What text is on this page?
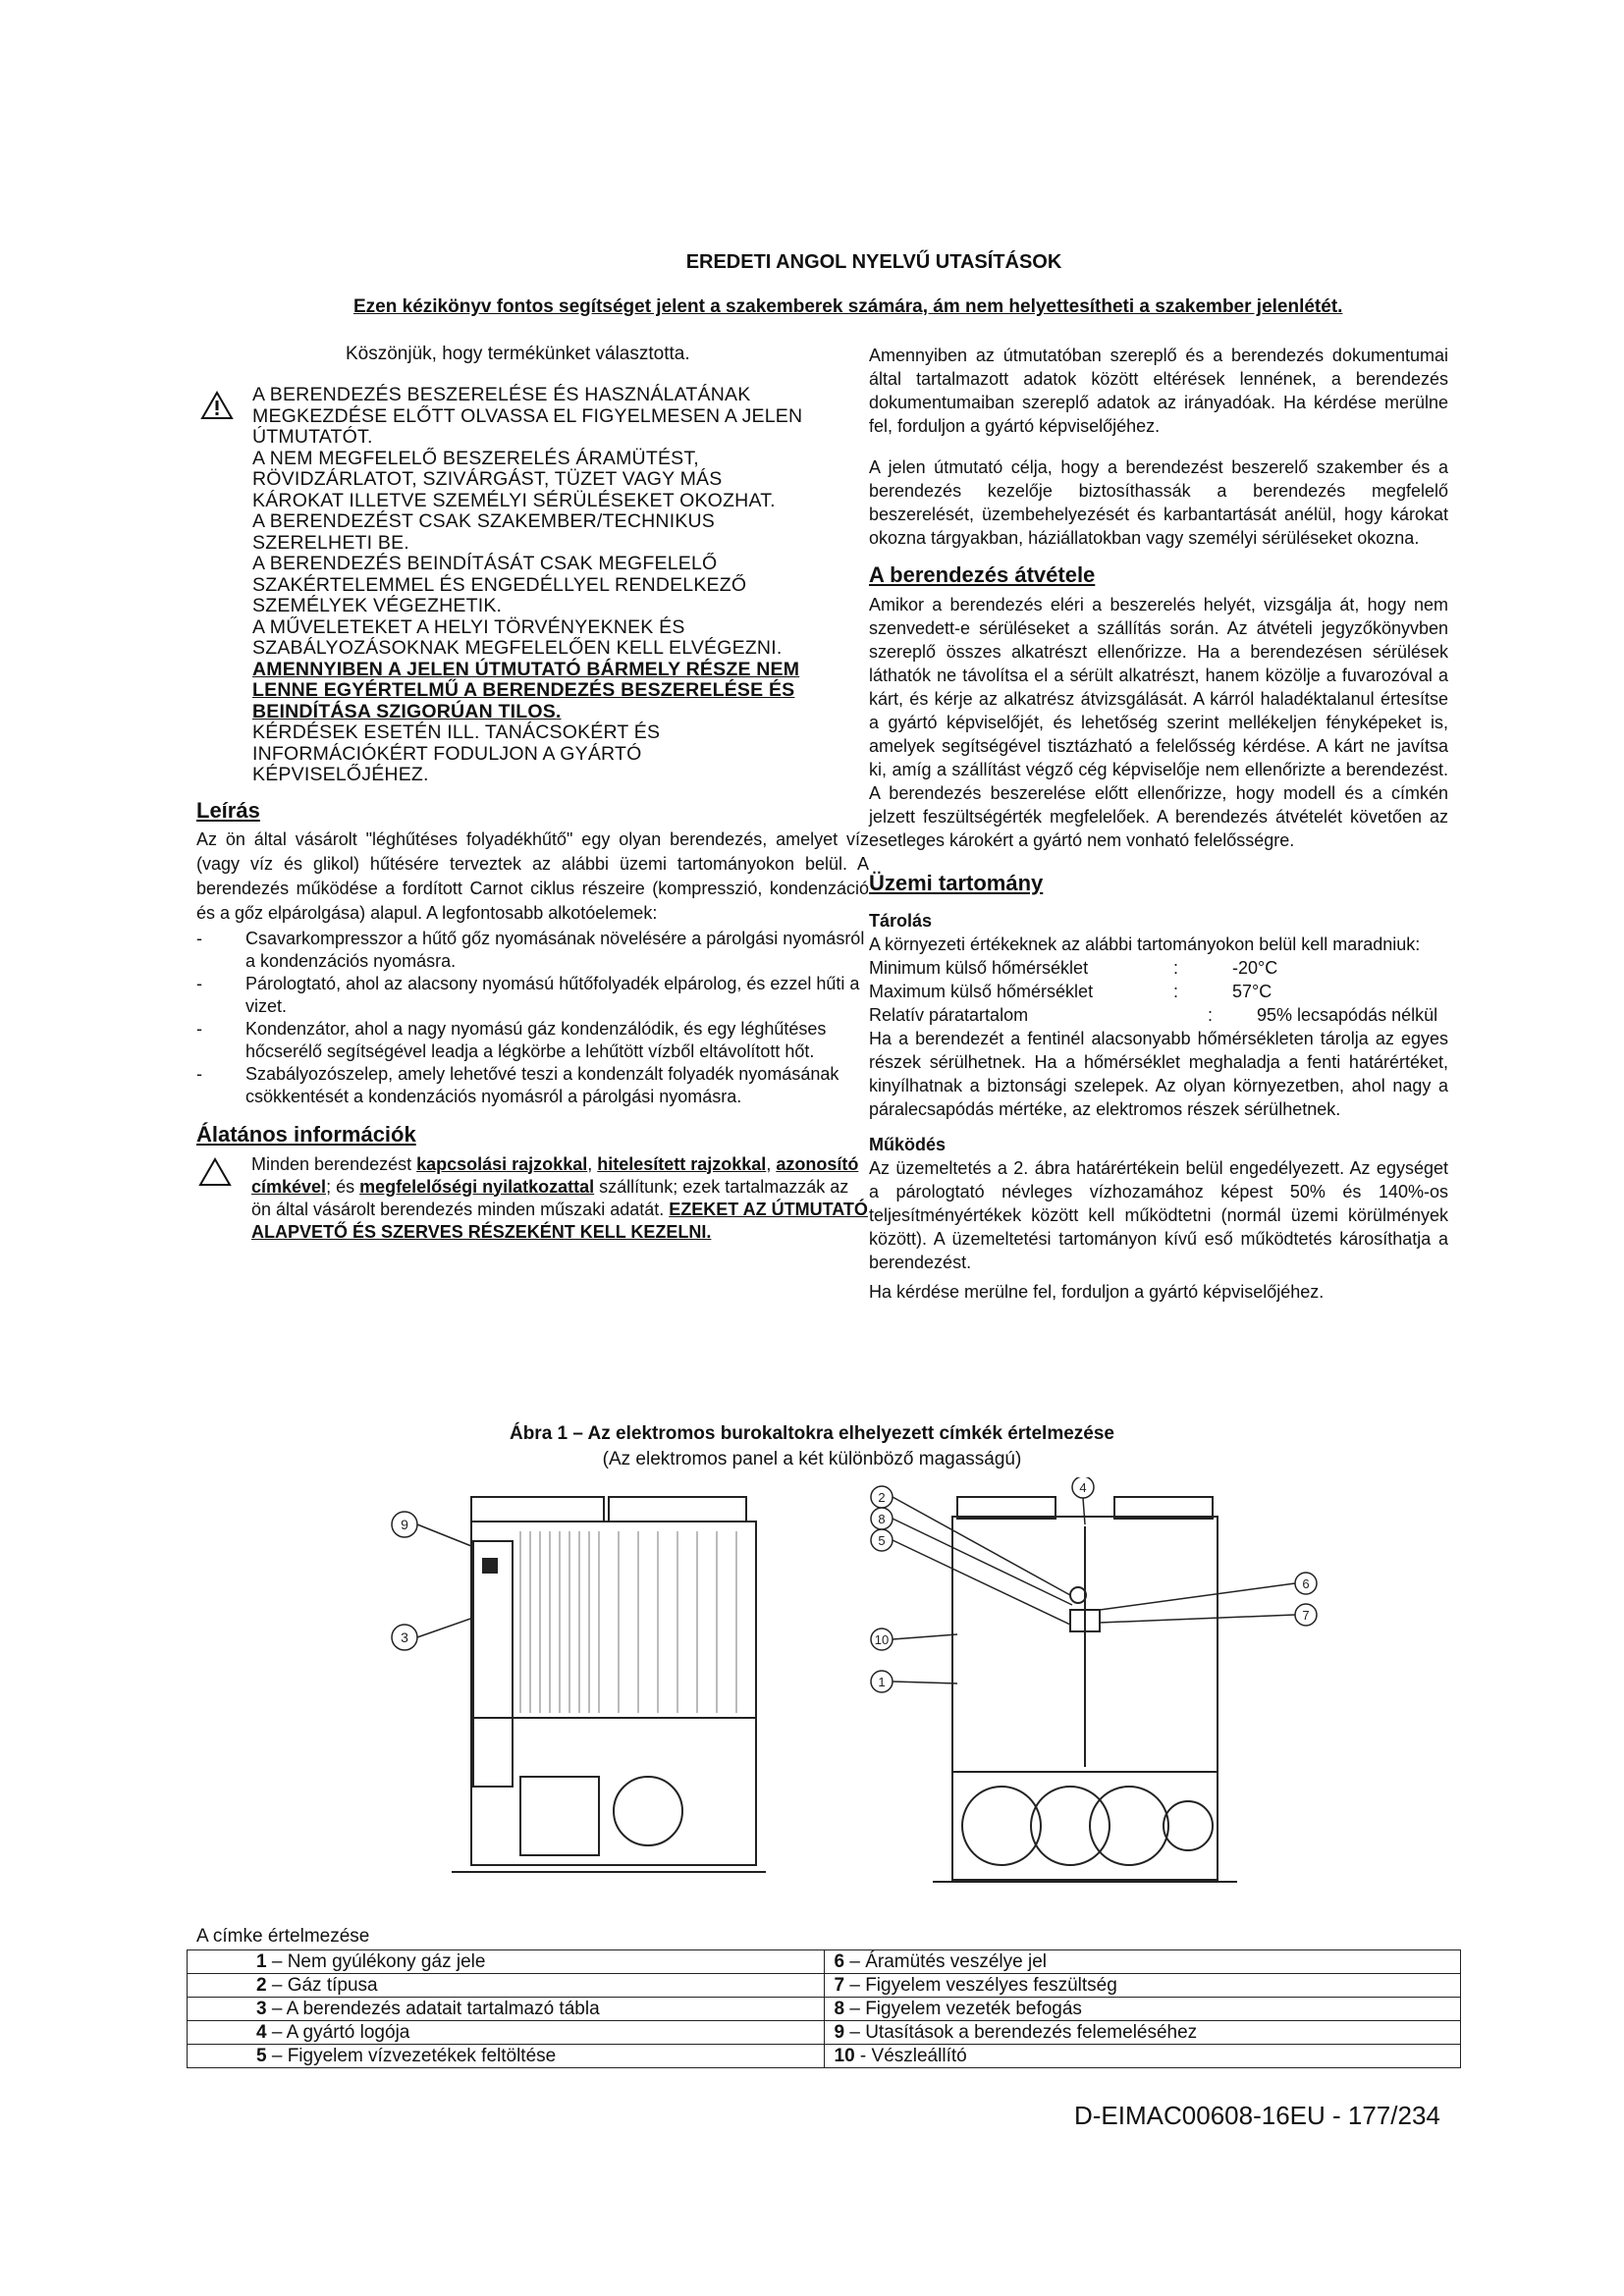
EREDETI ANGOL NYELVŰ UTASÍTÁSOK
Ezen kézikönyv fontos segítséget jelent a szakemberek számára, ám nem helyettesítheti a szakember jelenlétét.

Köszönjük, hogy termékünket választotta.

A BERENDEZÉS BESZERELÉSE ÉS HASZNÁLATÁNAK
MEGKEZDÉSE ELŐTT OLVASSA EL FIGYELMESEN A JELEN
ÚTMUTATÓT.
A NEM MEGFELELŐ BESZERELÉS ÁRAMÜTÉST,
RÖVIDZÁRLATOT, SZIVÁRGÁST, TÜZET VAGY MÁS
KÁROKAT ILLETVE SZEMÉLYI SÉRÜLÉSEKET OKOZHAT.
A BERENDEZÉST CSAK SZAKEMBER/TECHNIKUS
SZERELHETI BE.
A BERENDEZÉS BEINDÍTÁSÁT CSAK MEGFELELŐ
SZAKÉRTELEMMEL ÉS ENGEDÉLLYEL RENDELKEZŐ
SZEMÉLYEK VÉGEZHETIK.
A MŰVELETEKET A HELYI TÖRVÉNYEKNEK ÉS
SZABÁLYOZÁSOKNAK MEGFELELŐEN KELL ELVÉGEZNI.
AMENNYIBEN A JELEN ÚTMUTATÓ BÁRMELY RÉSZE NEM
LENNE EGYÉRTELMŰ A BERENDEZÉS BESZERELÉSE ÉS
BEINDÍTÁSA SZIGORÚAN TILOS.
KÉRDÉSEK ESETÉN ILL. TANÁCSOKÉRT ÉS
INFORMÁCIÓKÉRT FODULJON A GYÁRTÓ
KÉPVISELŐJÉHEZ.

Leírás

Az ön által vásárolt "léghűtéses folyadékhűtő" egy olyan berendezés, amelyet víz (vagy víz és glikol) hűtésére terveztek az alábbi üzemi tartományokon belül. A berendezés működése a fordított Carnot ciklus részeire (kompresszió, kondenzáció és a gőz elpárolgása) alapul. A legfontosabb alkotóelemek:

- Csavarkompresszor a hűtő gőz nyomásának növelésére a párolgási nyomásról a kondenzációs nyomásra.
- Párologtató, ahol az alacsony nyomású hűtőfolyadék elpárolog, és ezzel hűti a vizet.
- Kondenzátor, ahol a nagy nyomású gáz kondenzálódik, és egy léghűtéses hőcserélő segítségével leadja a légkörbe a lehűtött vízből eltávolított hőt.
- Szabályozószelep, amely lehetővé teszi a kondenzált folyadék nyomásának csökkentését a kondenzációs nyomásról a párolgási nyomásra.

Álatános információk

Minden berendezést kapcsolási rajzokkal, hitelesített rajzokkal, azonosító címkével; és megfelelőségi nyilatkozattal szállítunk; ezek tartalmazzák az ön által vásárolt berendezés minden műszaki adatát. EZEKET AZ ÚTMUTATÓ ALAPVETŐ ÉS SZERVES RÉSZEKÉNT KELL KEZELNI.

Amennyiben az útmutatóban szereplő és a berendezés dokumentumai által tartalmazott adatok között eltérések lennének, a berendezés dokumentumaiban szereplő adatok az irányadóak. Ha kérdése merülne fel, forduljon a gyártó képviselőjéhez.

A jelen útmutató célja, hogy a berendezést beszerelő szakember és a berendezés kezelője biztosíthassák a berendezés megfelelő beszerelését, üzembehelyezését és karbantartását anélül, hogy károkat okozna tárgyakban, háziállatokban vagy személyi sérüléseket okozna.

A berendezés átvétele

Amikor a berendezés eléri a beszerelés helyét, vizsgálja át, hogy nem szenvedett-e sérüléseket a szállítás során. Az átvételi jegyzőkönyvben szereplő összes alkatrészt ellenőrizze. Ha a berendezésen sérülések láthatók ne távolítsa el a sérült alkatrészt, hanem közölje a fuvarozóval a kárt, és kérje az alkatrész átvizsgálását. A kárról haladéktalanul értesítse a gyártó képviselőjét, és lehetőség szerint mellékeljen fényképeket is, amelyek segítségével tisztázható a felelősség kérdése. A kárt ne javítsa ki, amíg a szállítást végző cég képviselője nem ellenőrizte a berendezést. A berendezés beszerelése előtt ellenőrizze, hogy modell és a címkén jelzett feszültségérték megfelelőek. A berendezés átvételét követően az esetleges károkért a gyártó nem vonható felelősségre.

Üzemi tartomány

Tárolás

A környezeti értékeknek az alábbi tartományokon belül kell maradniuk:

Minimum külső hőmérséklet	:	-20°C
Maximum külső hőmérséklet	:	57°C
Relatív páratartalom	:	95% lecsapódás nélkül

Ha a berendezét a fentinél alacsonyabb hőmérsékleten tárolja az egyes részek sérülhetnek. Ha a hőmérséklet meghaladja a fenti határértéket, kinyílhatnak a biztonsági szelepek. Az olyan környezetben, ahol nagy a páralecsapódás mértéke, az elektromos részek sérülhetnek.

Működés

Az üzemeltetés a 2. ábra határértékein belül engedélyezett. Az egységet a párologtató névleges vízhozamához képest 50% és 140%-os teljesítményértékek között kell működtetni (normál üzemi körülmények között). A üzemeltetési tartományon kívű eső működtetés károsíthatja a berendezést.

Ha kérdése merülne fel, forduljon a gyártó képviselőjéhez.

Ábra 1 – Az elektromos burokaltokra elhelyezett címkék értelmezése
(Az elektromos panel a két különböző magasságú)
9
3
2
8
5
10
1
4
6
7
A címke értelmezése
1 – Nem gyúlékony gáz jele	6 – Áramütés veszélye jel
2 – Gáz típusa	7 – Figyelem veszélyes feszültség
3 – A berendezés adatait tartalmazó tábla	8 – Figyelem vezeték befogás
4 – A gyártó logója	9 – Utasítások a berendezés felemeléséhez
5 – Figyelem vízvezetékek feltöltése	10 - Vészleállító
D-EIMAC00608-16EU - 177/234
